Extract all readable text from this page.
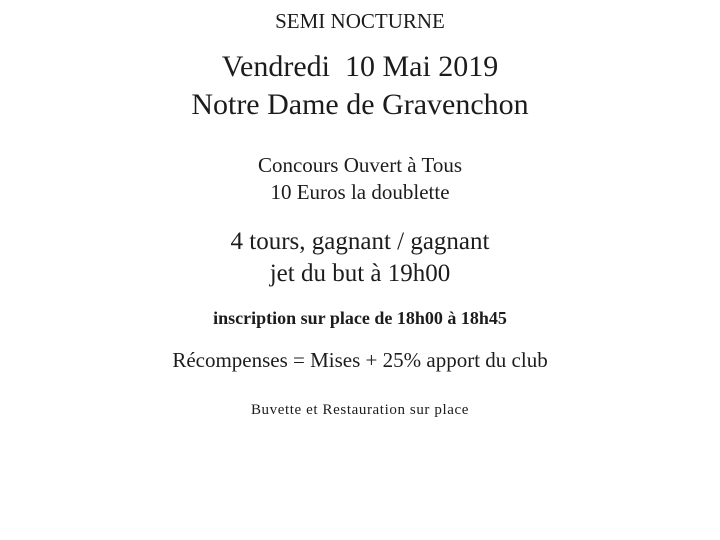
SEMI NOCTURNE
Vendredi  10 Mai 2019
Notre Dame de Gravenchon
Concours Ouvert à Tous
10 Euros la doublette
4 tours, gagnant / gagnant
jet du but à 19h00
inscription sur place de 18h00 à 18h45
Récompenses = Mises + 25% apport du club
Buvette et Restauration sur place
